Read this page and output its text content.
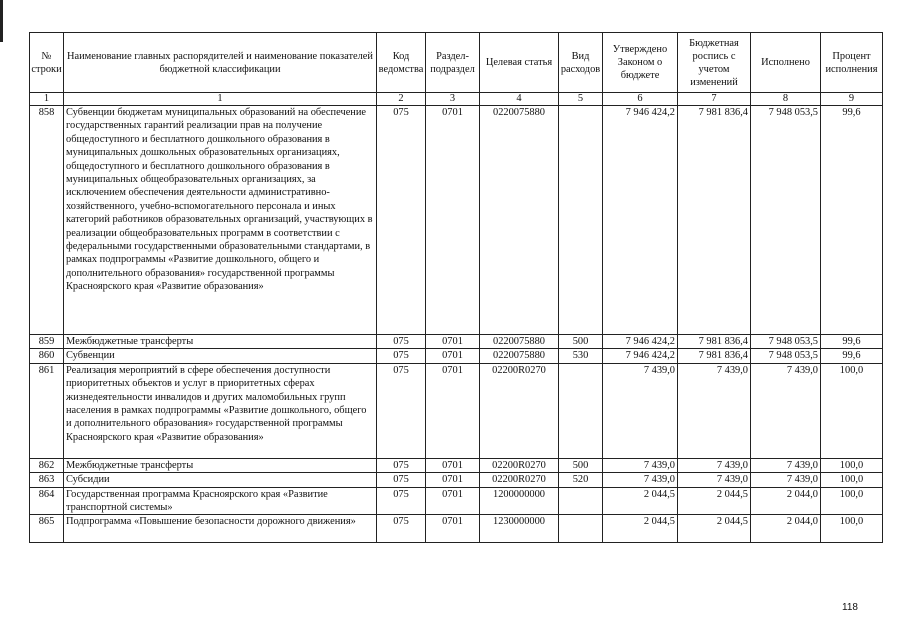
№ строки	Наименование главных распорядителей и наименование показателей бюджетной классификации	Код ведомства	Раздел-подраздел	Целевая статья	Вид расходов	Утверждено Законом о бюджете	Бюджетная роспись с учетом изменений	Исполнено	Процент исполнения
1	1	2	3	4	5	6	7	8	9
858	Субвенции бюджетам муниципальных образований на обеспечение государственных гарантий реализации прав на получение общедоступного и бесплатного дошкольного образования в муниципальных дошкольных образовательных организациях, общедоступного и бесплатного дошкольного образования в муниципальных общеобразовательных организациях, за исключением обеспечения деятельности административно-хозяйственного, учебно-вспомогательного персонала и иных категорий работников образовательных организаций, участвующих в реализации общеобразовательных программ в соответствии с федеральными государственными образовательными стандартами, в рамках подпрограммы «Развитие дошкольного, общего и дополнительного образования» государственной программы Красноярского края «Развитие образования»	075	0701	0220075880		7 946 424,2	7 981 836,4	7 948 053,5	99,6
859	Межбюджетные трансферты	075	0701	0220075880	500	7 946 424,2	7 981 836,4	7 948 053,5	99,6
860	Субвенции	075	0701	0220075880	530	7 946 424,2	7 981 836,4	7 948 053,5	99,6
861	Реализация мероприятий в сфере обеспечения доступности приоритетных объектов и услуг в приоритетных сферах жизнедеятельности инвалидов и других маломобильных групп населения в рамках подпрограммы «Развитие дошкольного, общего и дополнительного образования» государственной программы Красноярского края «Развитие образования»	075	0701	02200R0270		7 439,0	7 439,0	7 439,0	100,0
862	Межбюджетные трансферты	075	0701	02200R0270	500	7 439,0	7 439,0	7 439,0	100,0
863	Субсидии	075	0701	02200R0270	520	7 439,0	7 439,0	7 439,0	100,0
864	Государственная программа Красноярского края «Развитие транспортной системы»	075	0701	1200000000		2 044,5	2 044,5	2 044,0	100,0
865	Подпрограмма «Повышение безопасности дорожного движения»	075	0701	1230000000		2 044,5	2 044,5	2 044,0	100,0
118
